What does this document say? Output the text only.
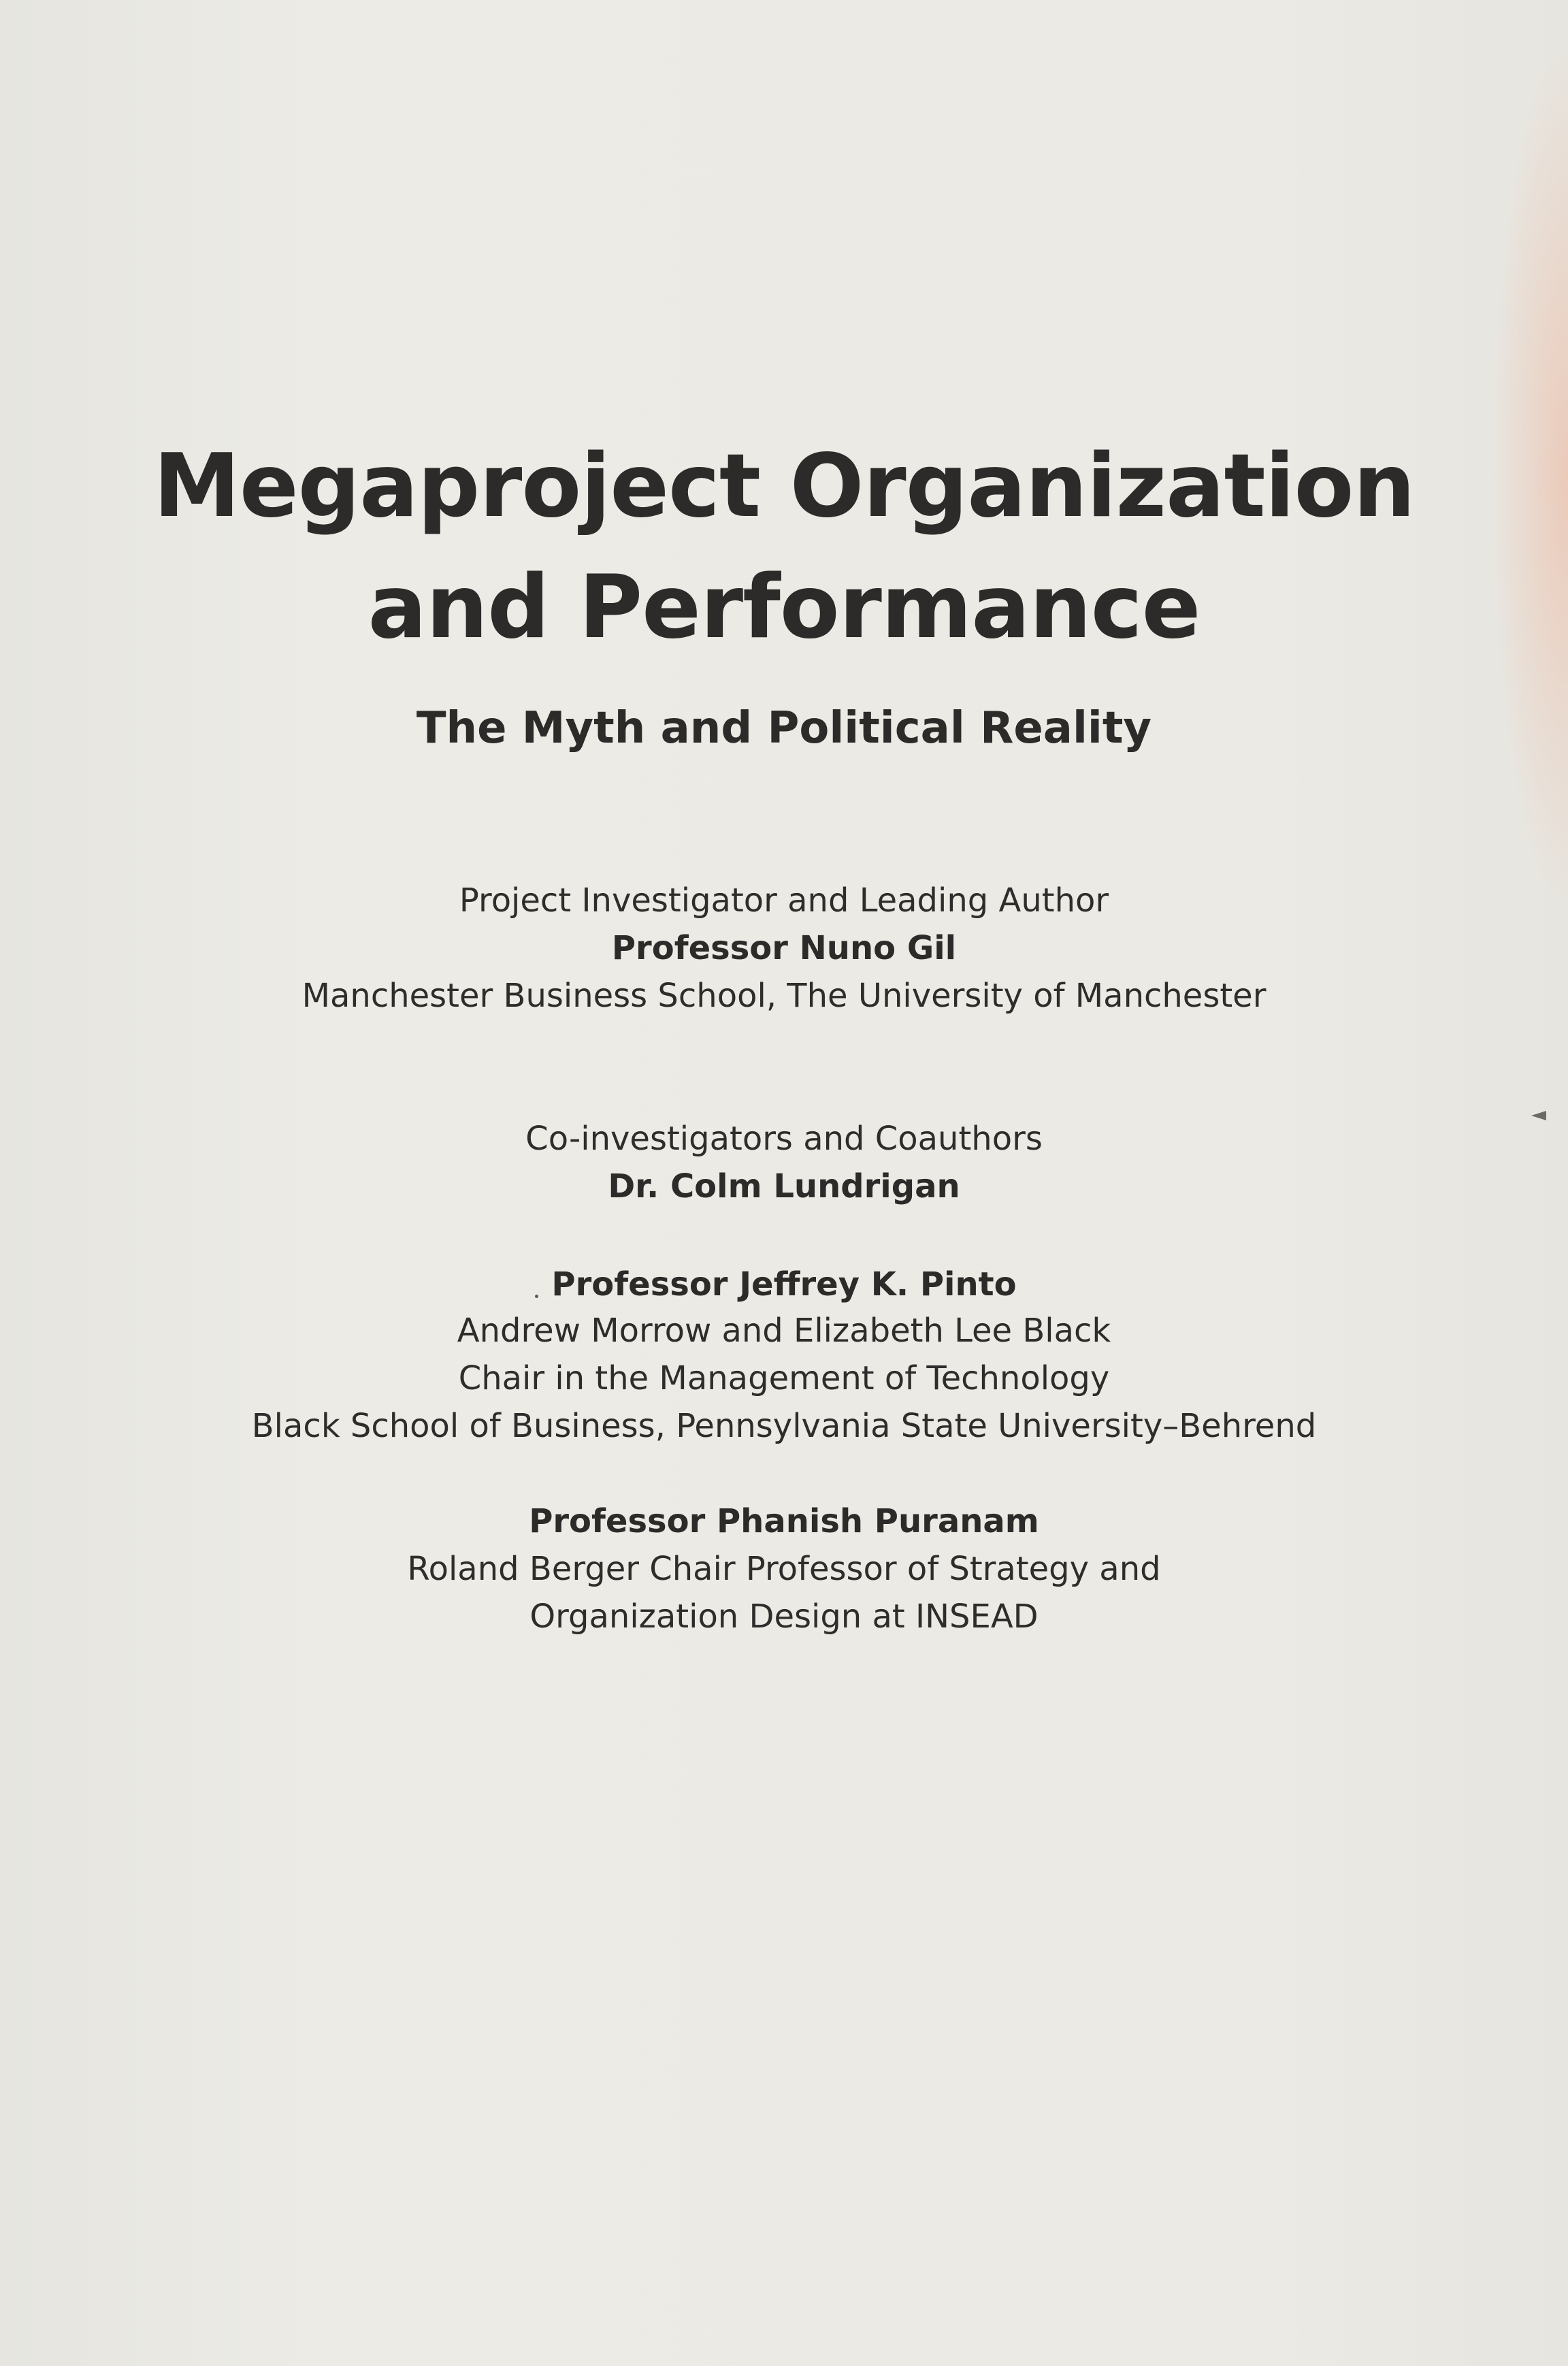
Megaproject Organization
and Performance
The Myth and Political Reality
Project Investigator and Leading Author
Professor Nuno Gil
Manchester Business School, The University of Manchester
Co-investigators and Coauthors
Dr. Colm Lundrigan
Professor Jeffrey K. Pinto
Andrew Morrow and Elizabeth Lee Black
Chair in the Management of Technology
Black School of Business, Pennsylvania State University–Behrend
Professor Phanish Puranam
Roland Berger Chair Professor of Strategy and
Organization Design at INSEAD
